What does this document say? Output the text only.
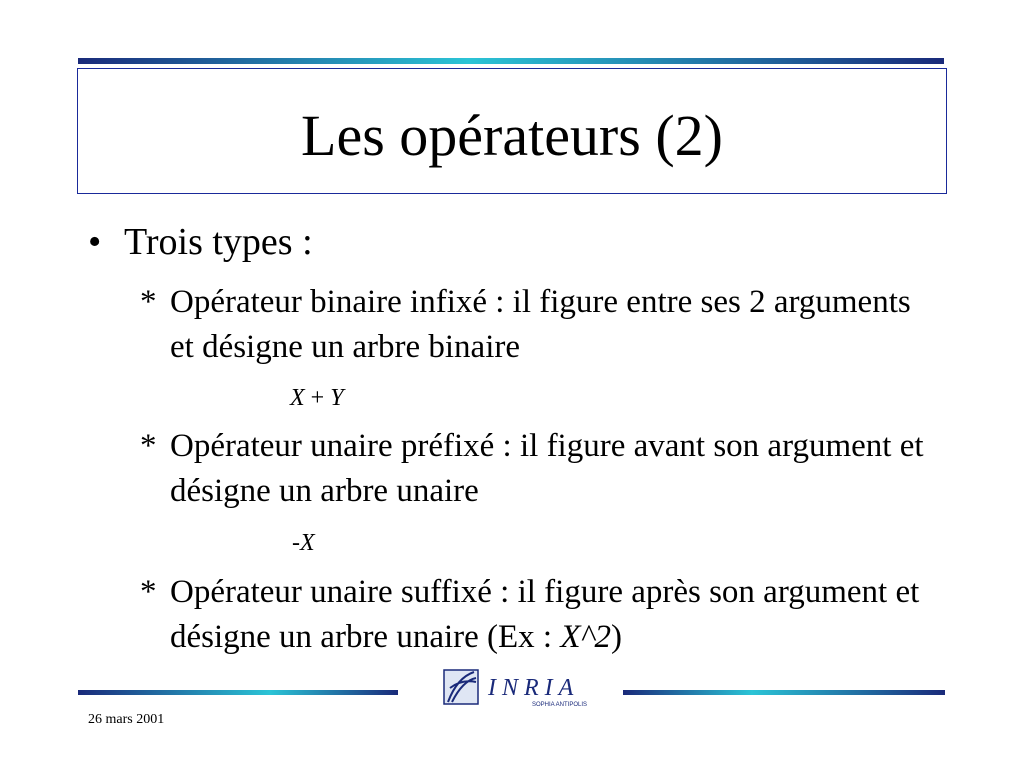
Les opérateurs (2)
• Trois types :
* Opérateur binaire infixé : il figure entre ses 2 arguments et désigne un arbre binaire
X + Y
* Opérateur unaire préfixé : il figure avant son argument et désigne un arbre unaire
-X
* Opérateur unaire suffixé : il figure après son argument et désigne un arbre unaire (Ex : X^2)
INRIA
SOPHIA ANTIPOLIS
26 mars 2001
